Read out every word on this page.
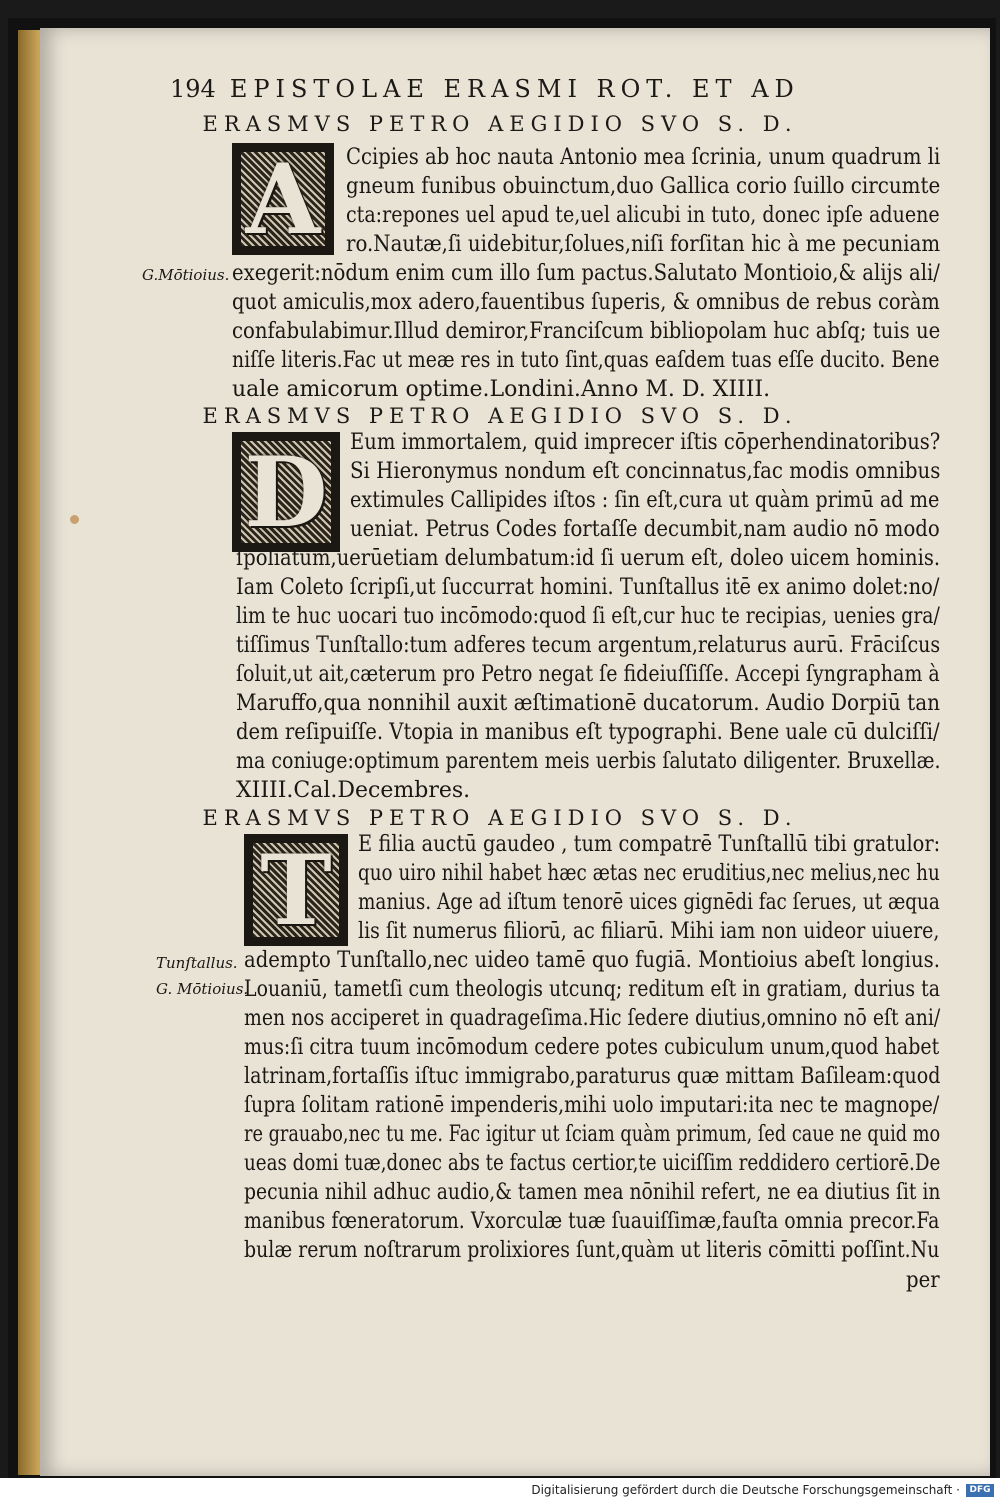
194 EPISTOLAE ERASMI ROT. ET AD
ERASMVS PETRO AEGIDIO SVO S. D.
A	Ccipies ab hoc nauta Antonio mea ſcrinia, unum quadrum li
gneum funibus obuinctum,duo Gallica corio ſuillo circumte
cta:repones uel apud te,uel alicubi in tuto, donec ipſe aduene
ro.Nautæ,ſi uidebitur,ſolues,niſi forſitan hic à me pecuniam
G.Mōtioius. exegerit:nōdum enim cum illo ſum pactus.Salutato Montioio,& alijs ali/
quot amiculis,mox adero,fauentibus ſuperis, & omnibus de rebus coràm
confabulabimur.Illud demiror,Franciſcum bibliopolam huc abſq; tuis ue
niſſe literis.Fac ut meæ res in tuto ſint,quas eaſdem tuas eſſe ducito. Bene
uale amicorum optime.Londini.Anno M. D. XIIII.
ERASMVS PETRO AEGIDIO SVO S. D.
D	Eum immortalem, quid imprecer iſtis cōperhendinatoribus?
Si Hieronymus nondum eſt concinnatus,fac modis omnibus
extimules Callipides iſtos : ſin eſt,cura ut quàm primū ad me
ueniat. Petrus Codes fortaſſe decumbit,nam audio nō modo
ſpoliatum,uerūetiam delumbatum:id ſi uerum eſt, doleo uicem hominis.
Iam Coleto ſcripſi,ut ſuccurrat homini. Tunſtallus itē ex animo dolet:no/
lim te huc uocari tuo incōmodo:quod ſi eſt,cur huc te recipias, uenies gra/
tiſſimus Tunſtallo:tum adferes tecum argentum,relaturus aurū. Frāciſcus
ſoluit,ut ait,cæterum pro Petro negat ſe fideiuſſiſſe. Accepi ſyngrapham à
Maruffo,qua nonnihil auxit æſtimationē ducatorum. Audio Dorpiū tan
dem reſipuiſſe. Vtopia in manibus eſt typographi. Bene uale cū dulciſſi/
ma coniuge:optimum parentem meis uerbis ſalutato diligenter. Bruxellæ.
XIIII.Cal.Decembres.
ERASMVS PETRO AEGIDIO SVO S. D.
T	E filia auctū gaudeo , tum compatrē Tunſtallū tibi gratulor:
quo uiro nihil habet hæc ætas nec eruditius,nec melius,nec hu
manius. Age ad iſtum tenorē uices gignēdi fac ſerues, ut æqua
lis ſit numerus filiorū, ac filiarū. Mihi iam non uideor uiuere,
Tunſtallus. adempto Tunſtallo,nec uideo tamē quo fugiā. Montioius abeſt longius.
G. Mōtioius.
Louaniū, tametſi cum theologis utcunq; reditum eſt in gratiam, durius ta
men nos acciperet in quadrageſima.Hic ſedere diutius,omnino nō eſt ani/
mus:ſi citra tuum incōmodum cedere potes cubiculum unum,quod habet
latrinam,fortaſſis iſtuc immigrabo,paraturus quæ mittam Baſileam:quod
ſupra ſolitam rationē impenderis,mihi uolo imputari:ita nec te magnope/
re grauabo,nec tu me. Fac igitur ut ſciam quàm primum, ſed caue ne quid mo
ueas domi tuæ,donec abs te factus certior,te uiciſſim reddidero certiorē.De
pecunia nihil adhuc audio,& tamen mea nōnihil refert, ne ea diutius ſit in
manibus fœneratorum. Vxorculæ tuæ ſuauiſſimæ,fauſta omnia precor.Fa
bulæ rerum noſtrarum prolixiores ſunt,quàm ut literis cōmitti poſſint.Nu
per
Digitalisierung gefördert durch die Deutsche Forschungsgemeinschaft ·	DFG
